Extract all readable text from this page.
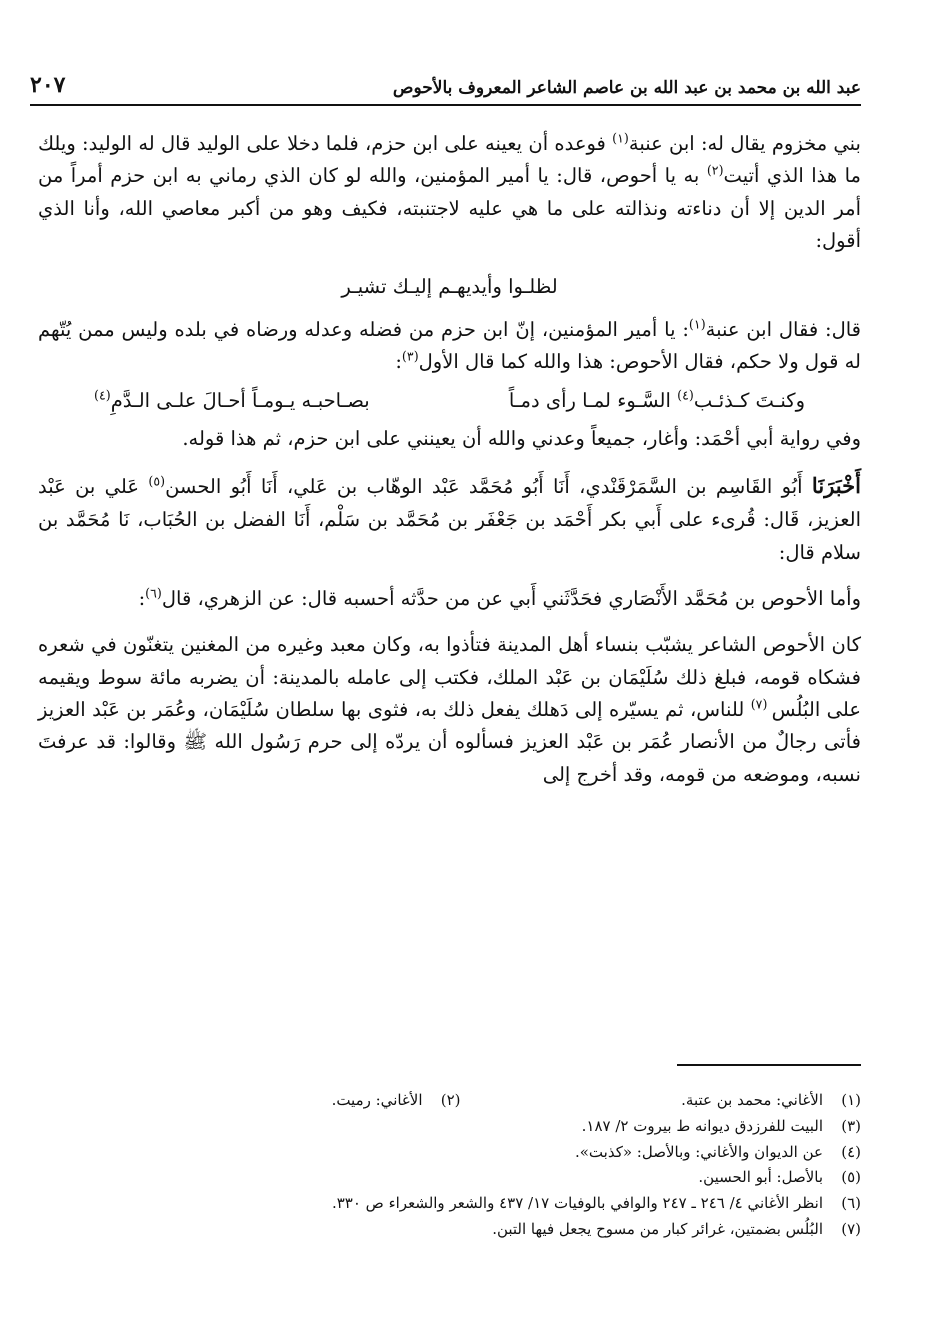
عبد الله بن محمد بن عبد الله بن عاصم الشاعر المعروف بالأحوص
٢٠٧

بني مخزوم يقال له: ابن عنبة$^{(١)}$ فوعده أن يعينه على ابن حزم، فلما دخلا على الوليد قال له الوليد: ويلك ما هذا الذي أتيت$^{(٢)}$ به يا أحوص، قال: يا أمير المؤمنين، والله لو كان الذي رماني به ابن حزم أمراً من أمر الدين إلا أن دناءته ونذالته على ما هي عليه لاجتنبته، فكيف وهو من أكبر معاصي الله، وأنا الذي أقول:

لظلـوا وأيديهـم إليـك تشيـر

قال: فقال ابن عنبة$^{(١)}$: يا أمير المؤمنين، إنّ ابن حزم من فضله وعدله ورضاه في بلده وليس ممن يُتّهم له قول ولا حكم، فقال الأحوص: هذا والله كما قال الأول$^{(٣)}$:

وكنـتَ كـذئـب$^{(٤)}$ السَّـوء لمـا رأى دمـاً
بصـاحبـه يـومـاً أحـالَ علـى الـدَّمِ$^{(٤)}$

وفي رواية أبي أحْمَد: وأغار، جميعاً وعدني والله أن يعينني على ابن حزم، ثم هذا قوله.

أَخْبَرَنَا أَبُو القَاسِم بن السَّمَرْقَنْدي، أَنَا أَبُو مُحَمَّد عَبْد الوهّاب بن عَلي، أَنَا أَبُو الحسن$^{(٥)}$ عَلي بن عَبْد العزيز، قَال: قُرىء على أَبي بكر أَحْمَد بن جَعْفَر بن مُحَمَّد بن سَلْم، أَنَا الفضل بن الحُبَاب، نَا مُحَمَّد بن سلام قال:

وأما الأحوص بن مُحَمَّد الأَنْصَاري فحَدَّثَني أَبي عن من حدَّثه أحسبه قال: عن الزهري، قال$^{(٦)}$:

كان الأحوص الشاعر يشبّب بنساء أهل المدينة فتأذوا به، وكان معبد وغيره من المغنين يتغنّون في شعره فشكاه قومه، فبلغ ذلك سُلَيْمَان بن عَبْد الملك، فكتب إلى عامله بالمدينة: أن يضربه مائة سوط ويقيمه على البُلُس $^{(٧)}$ للناس، ثم يسيّره إلى دَهلك يفعل ذلك به، فثوى بها سلطان سُلَيْمَان، وعُمَر بن عَبْد العزيز فأتى رجالٌ من الأنصار عُمَر بن عَبْد العزيز فسألوه أن يردّه إلى حرم رَسُول الله ﷺ وقالوا: قد عرفتَ نسبه، وموضعه من قومه، وقد أخرج إلى

(١)
الأغاني: محمد بن عتبة.
(٢)
الأغاني: رميت.
(٣)
البيت للفرزدق ديوانه ط بيروت ٢/ ١٨٧.
(٤)
عن الديوان والأغاني: وبالأصل: «كذبت».
(٥)
بالأصل: أبو الحسين.
(٦)
انظر الأغاني ٤/ ٢٤٦ ـ ٢٤٧ والوافي بالوفيات ١٧/ ٤٣٧ والشعر والشعراء ص ٣٣٠.
(٧)
البُلُس بضمتين، غرائر كبار من مسوح يجعل فيها التبن.
